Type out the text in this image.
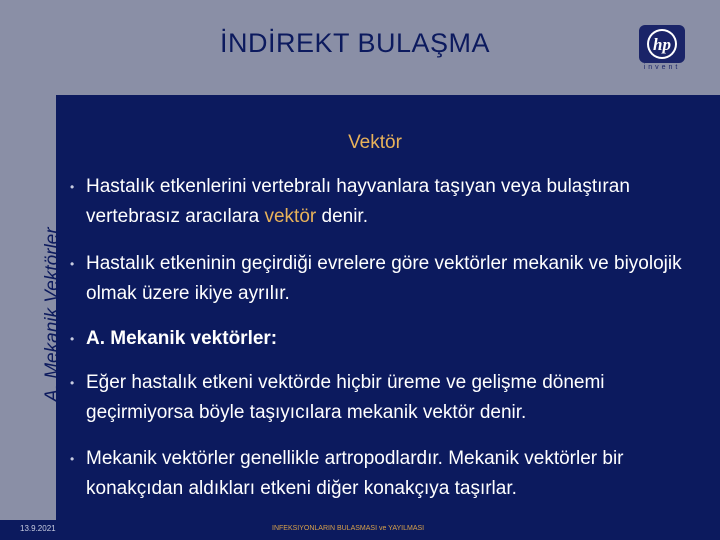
İNDİREKT BULAŞMA	hp
invent
A. Mekanik Vektörler
Vektör
• Hastalık etkenlerini vertebralı hayvanlara taşıyan veya bulaştıran vertebrasız aracılara vektör denir.
• Hastalık etkeninin geçirdiği evrelere göre vektörler mekanik ve biyolojik olmak üzere ikiye ayrılır.
• A. Mekanik vektörler:
• Eğer hastalık etkeni vektörde hiçbir üreme ve gelişme dönemi geçirmiyorsa böyle taşıyıcılara mekanik vektör denir.
• Mekanik vektörler genellikle artropodlardır. Mekanik vektörler bir konakçıdan aldıkları etkeni diğer konakçıya taşırlar.
13.9.2021	INFEKSIYONLARIN BULASMASI ve YAYILMASI
